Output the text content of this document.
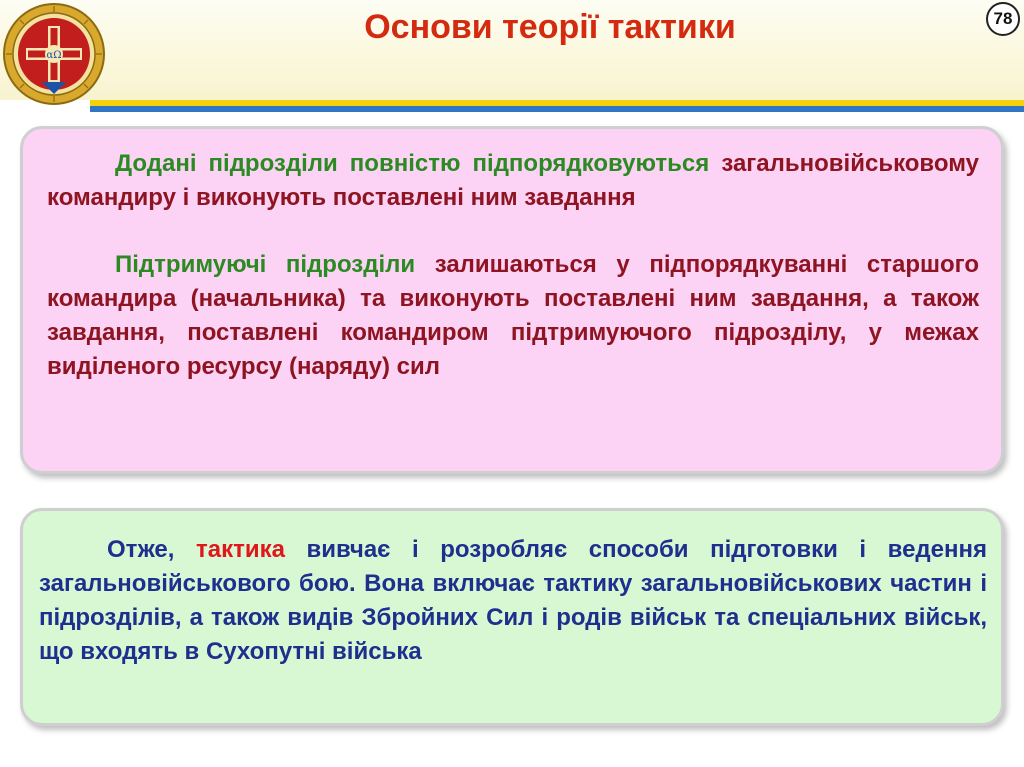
αΩ
Основи теорії тактики	78

Додані підрозділи повністю підпорядковуються загальновійськовому командиру і виконують поставлені ним завдання

Підтримуючі підрозділи залишаються у підпорядкуванні старшого командира (начальника) та виконують поставлені ним завдання, а також завдання, поставлені командиром підтримуючого підрозділу, у межах виділеного ресурсу (наряду) сил

Отже, тактика вивчає і розробляє способи підготовки і ведення загальновійськового бою. Вона включає тактику загальновійськових частин і підрозділів, а також видів Збройних Сил і родів військ та спеціальних військ, що входять в Сухопутні війська
